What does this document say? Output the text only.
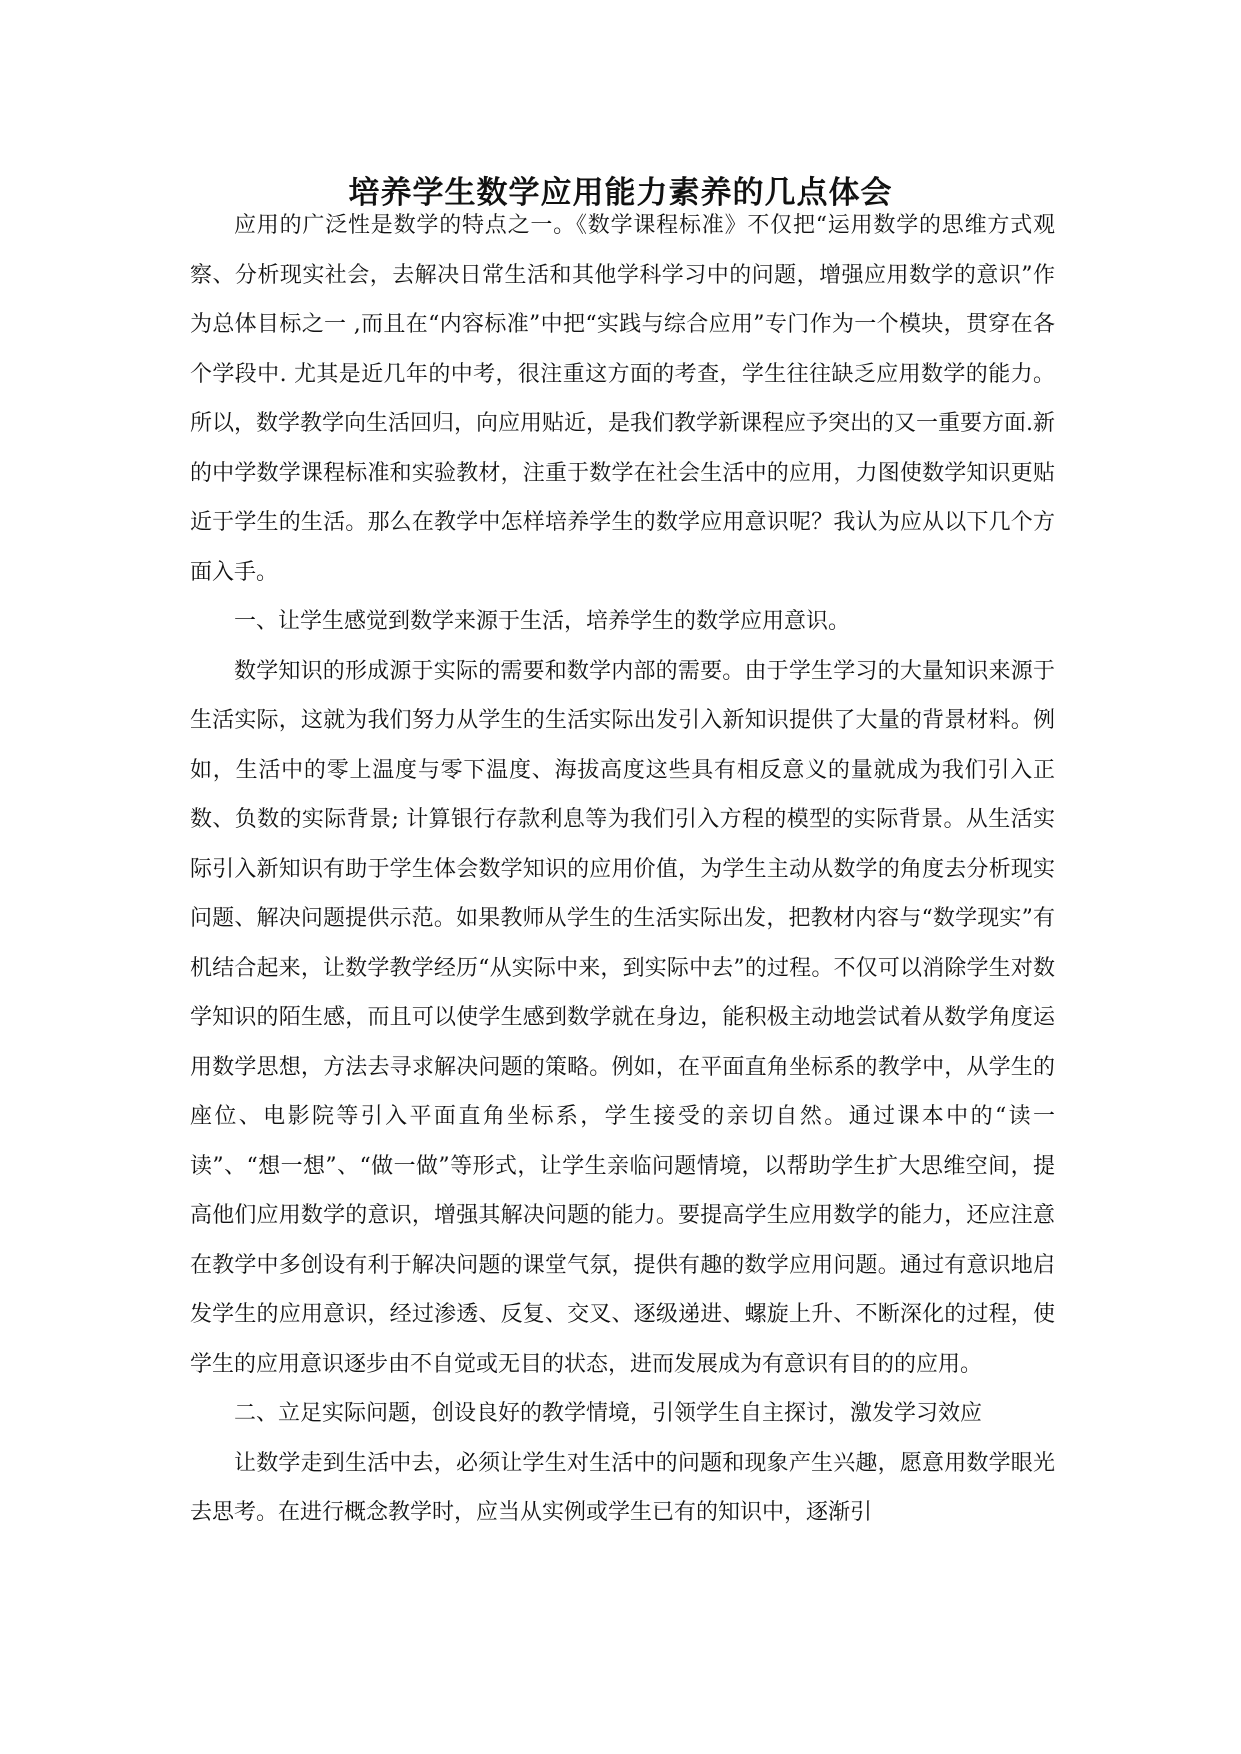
培养学生数学应用能力素养的几点体会

应用的广泛性是数学的特点之一。《数学课程标准》不仅把“运用数学的思维方式观察、分析现实社会，去解决日常生活和其他学科学习中的问题，增强应用数学的意识”作为总体目标之一 ,而且在“内容标准”中把“实践与综合应用”专门作为一个模块，贯穿在各个学段中. 尤其是近几年的中考，很注重这方面的考查，学生往往缺乏应用数学的能力。所以，数学教学向生活回归，向应用贴近，是我们教学新课程应予突出的又一重要方面.新的中学数学课程标准和实验教材，注重于数学在社会生活中的应用，力图使数学知识更贴近于学生的生活。那么在教学中怎样培养学生的数学应用意识呢？我认为应从以下几个方面入手。

一、让学生感觉到数学来源于生活，培养学生的数学应用意识。

数学知识的形成源于实际的需要和数学内部的需要。由于学生学习的大量知识来源于生活实际，这就为我们努力从学生的生活实际出发引入新知识提供了大量的背景材料。例如，生活中的零上温度与零下温度、海拔高度这些具有相反意义的量就成为我们引入正数、负数的实际背景; 计算银行存款利息等为我们引入方程的模型的实际背景。从生活实际引入新知识有助于学生体会数学知识的应用价值，为学生主动从数学的角度去分析现实问题、解决问题提供示范。如果教师从学生的生活实际出发，把教材内容与“数学现实”有机结合起来，让数学教学经历“从实际中来，到实际中去”的过程。不仅可以消除学生对数学知识的陌生感，而且可以使学生感到数学就在身边，能积极主动地尝试着从数学角度运用数学思想，方法去寻求解决问题的策略。例如，在平面直角坐标系的教学中，从学生的座位、电影院等引入平面直角坐标系，学生接受的亲切自然。通过课本中的“读一读”、“想一想”、“做一做”等形式，让学生亲临问题情境，以帮助学生扩大思维空间，提高他们应用数学的意识，增强其解决问题的能力。要提高学生应用数学的能力，还应注意在教学中多创设有利于解决问题的课堂气氛，提供有趣的数学应用问题。通过有意识地启发学生的应用意识，经过渗透、反复、交叉、逐级递进、螺旋上升、不断深化的过程，使学生的应用意识逐步由不自觉或无目的状态，进而发展成为有意识有目的的应用。

二、立足实际问题，创设良好的教学情境，引领学生自主探讨，激发学习效应

让数学走到生活中去，必须让学生对生活中的问题和现象产生兴趣，愿意用数学眼光去思考。在进行概念教学时，应当从实例或学生已有的知识中，逐渐引
